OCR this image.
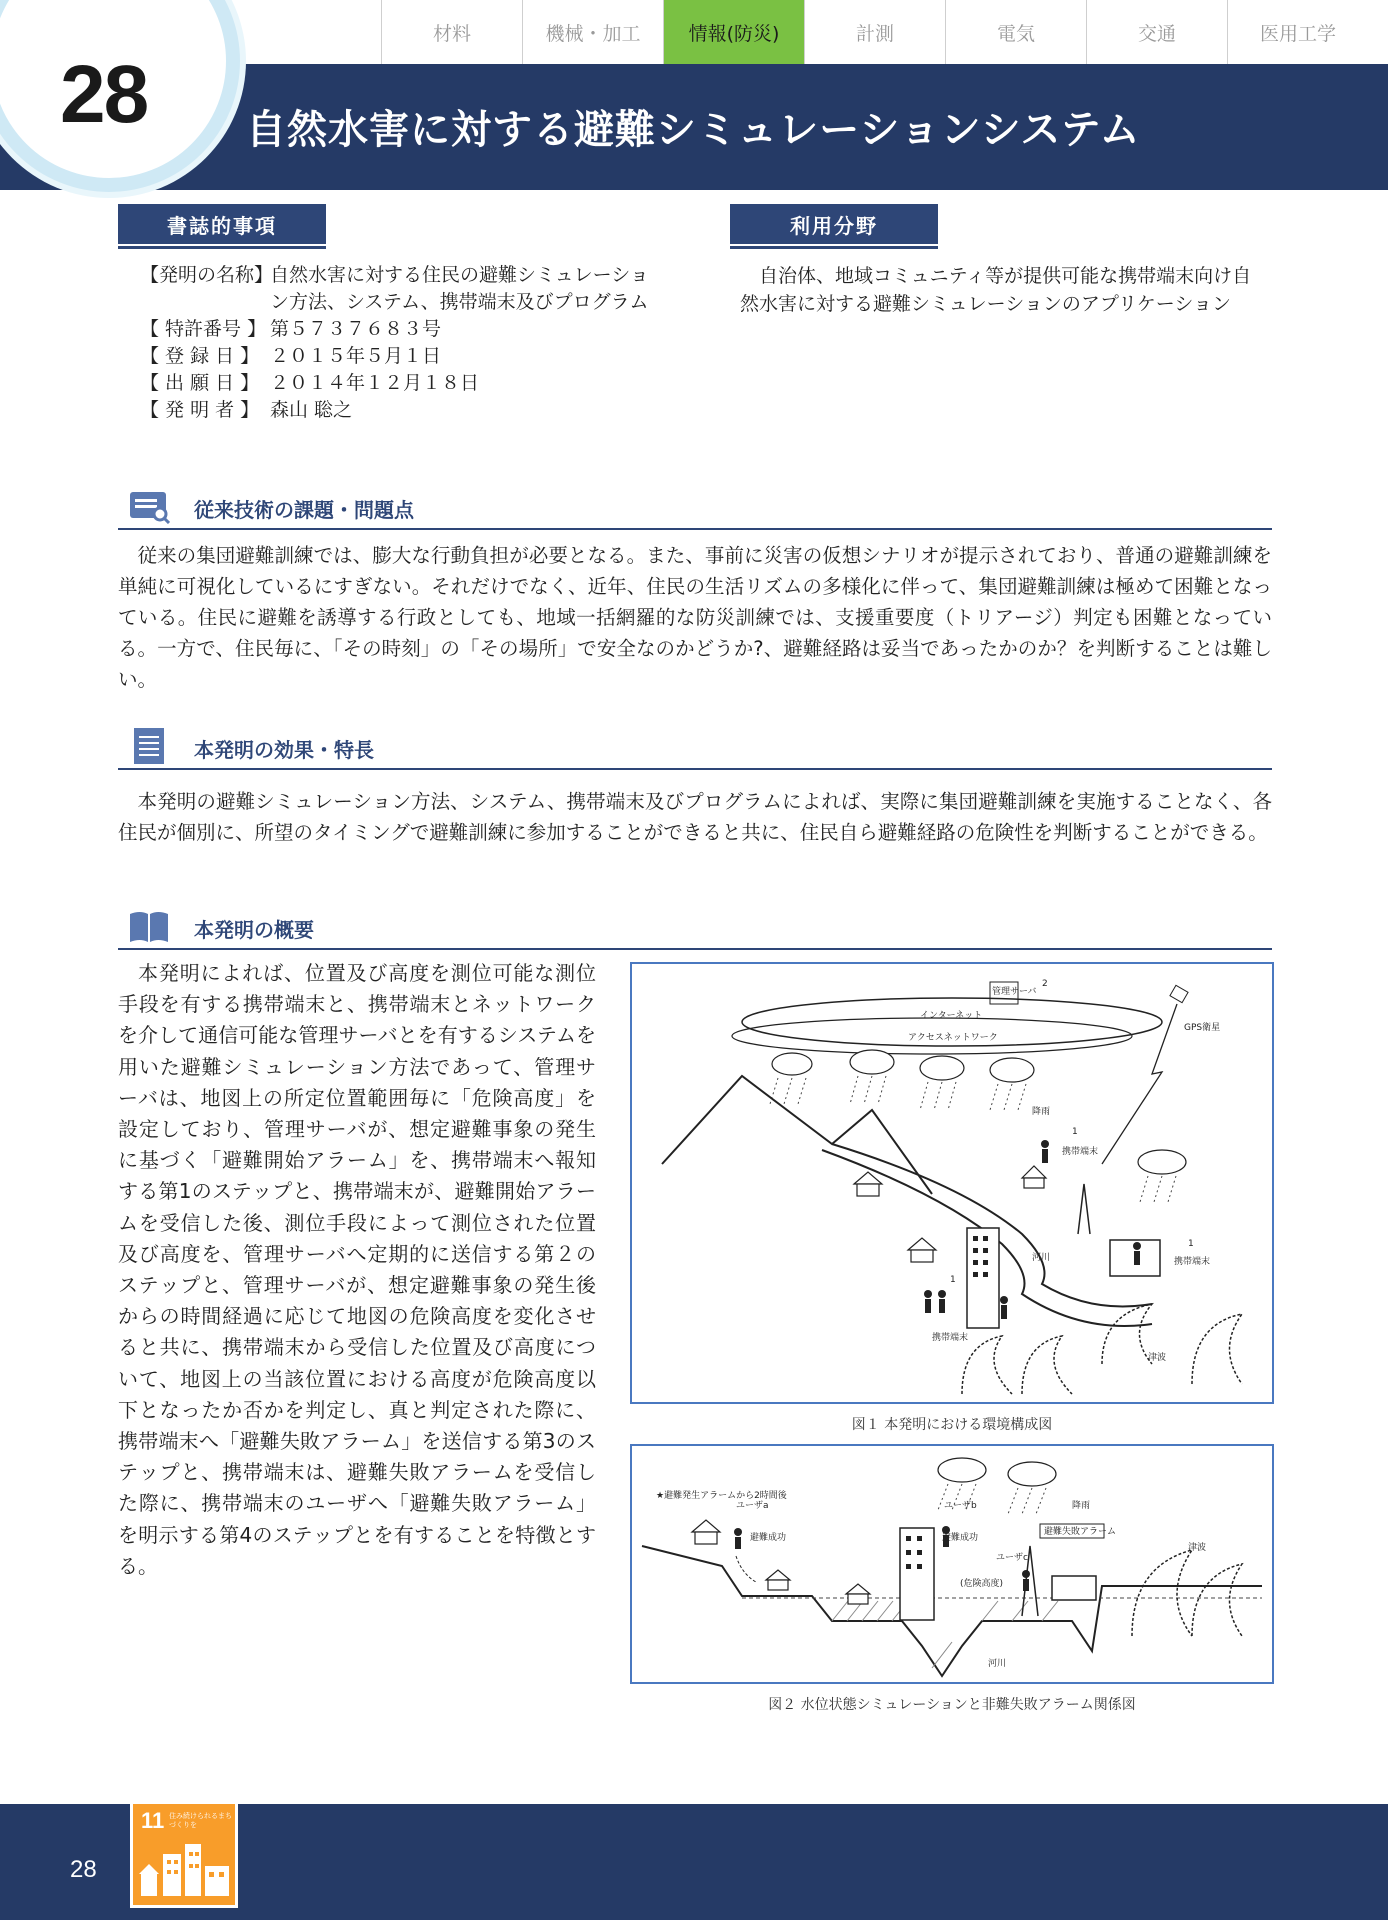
材料	機械・加工	情報(防災)	計測	電気	交通	医用工学
28 自然水害に対する避難シミュレーションシステム
書誌的事項
【発明の名称】
自然水害に対する住民の避難シミュレーション方法、システム、携帯端末及びプログラム
【 特許番号 】 第５７３７６８３号
【 登 録 日 】 ２０１５年５月１日
【 出 願 日 】 ２０１４年１２月１８日
【 発 明 者 】 森山 聡之
利用分野

自治体、地域コミュニティ等が提供可能な携帯端末向け自然水害に対する避難シミュレーションのアプリケーション

従来技術の課題・問題点

従来の集団避難訓練では、膨大な行動負担が必要となる。また、事前に災害の仮想シナリオが提示されており、普通の避難訓練を単純に可視化しているにすぎない。それだけでなく、近年、住民の生活リズムの多様化に伴って、集団避難訓練は極めて困難となっている。住民に避難を誘導する行政としても、地域一括網羅的な防災訓練では、支援重要度（トリアージ）判定も困難となっている。一方で、住民毎に、「その時刻」の「その場所」で安全なのかどうか?、避難経路は妥当であったかのか？を判断することは難しい。

本発明の効果・特長

本発明の避難シミュレーション方法、システム、携帯端末及びプログラムによれば、実際に集団避難訓練を実施することなく、各住民が個別に、所望のタイミングで避難訓練に参加することができると共に、住民自ら避難経路の危険性を判断することができる。

本発明の概要

本発明によれば、位置及び高度を測位可能な測位手段を有する携帯端末と、携帯端末とネットワークを介して通信可能な管理サーバとを有するシステムを用いた避難シミュレーション方法であって、管理サーバは、地図上の所定位置範囲毎に「危険高度」を設定しており、管理サーバが、想定避難事象の発生に基づく「避難開始アラーム」を、携帯端末へ報知する第1のステップと、携帯端末が、避難開始アラームを受信した後、測位手段によって測位された位置及び高度を、管理サーバへ定期的に送信する第２のステップと、管理サーバが、想定避難事象の発生後からの時間経過に応じて地図の危険高度を変化させると共に、携帯端末から受信した位置及び高度について、地図上の当該位置における高度が危険高度以下となったか否かを判定し、真と判定された際に、携帯端末へ「避難失敗アラーム」を送信する第3のステップと、携帯端末は、避難失敗アラームを受信した際に、携帯端末のユーザへ「避難失敗アラーム」を明示する第4のステップとを有することを特徴とする。

インターネット
アクセスネットワーク
管理サーバ
2
GPS衛星
降雨
河川
携帯端末
携帯端末
携帯端末
1
1
1
津波
図１ 本発明における環境構成図
★避難発生アラームから2時間後
降雨
ユーザa	ユーザb
ユーザc
避難成功	避難成功
避難失敗アラーム
(危険高度)
河川
津波
図２ 水位状態シミュレーションと非難失敗アラーム関係図
28
11 住み続けられるまちづくりを
